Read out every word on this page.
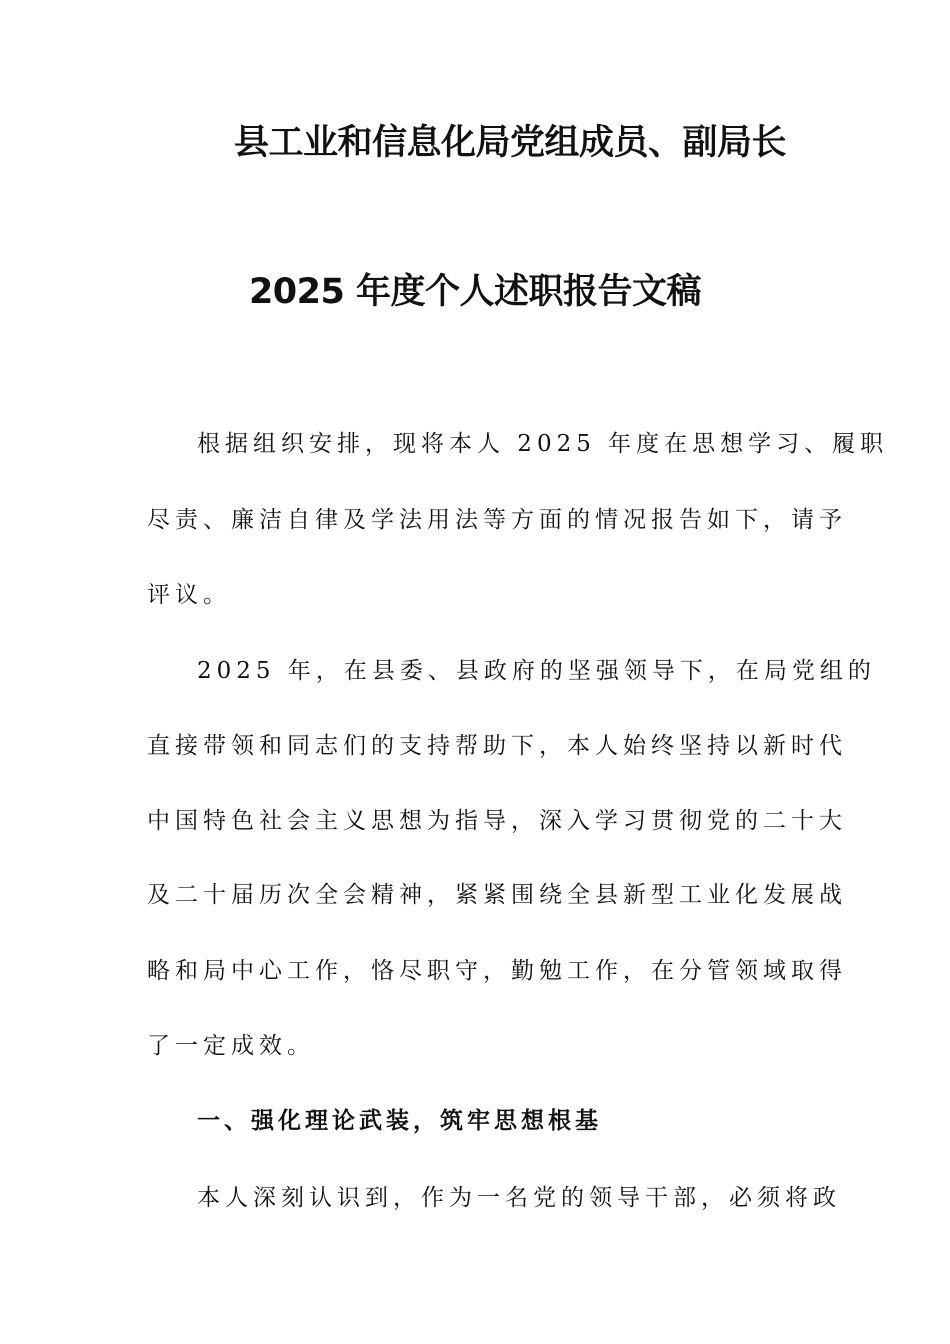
县工业和信息化局党组成员、副局长
2025 年度个人述职报告文稿
根据组织安排，现将本人 2025 年度在思想学习、履职
尽责、廉洁自律及学法用法等方面的情况报告如下，请予
评议。
2025 年，在县委、县政府的坚强领导下，在局党组的
直接带领和同志们的支持帮助下，本人始终坚持以新时代
中国特色社会主义思想为指导，深入学习贯彻党的二十大
及二十届历次全会精神，紧紧围绕全县新型工业化发展战
略和局中心工作，恪尽职守，勤勉工作，在分管领域取得
了一定成效。
一、强化理论武装，筑牢思想根基
本人深刻认识到，作为一名党的领导干部，必须将政
